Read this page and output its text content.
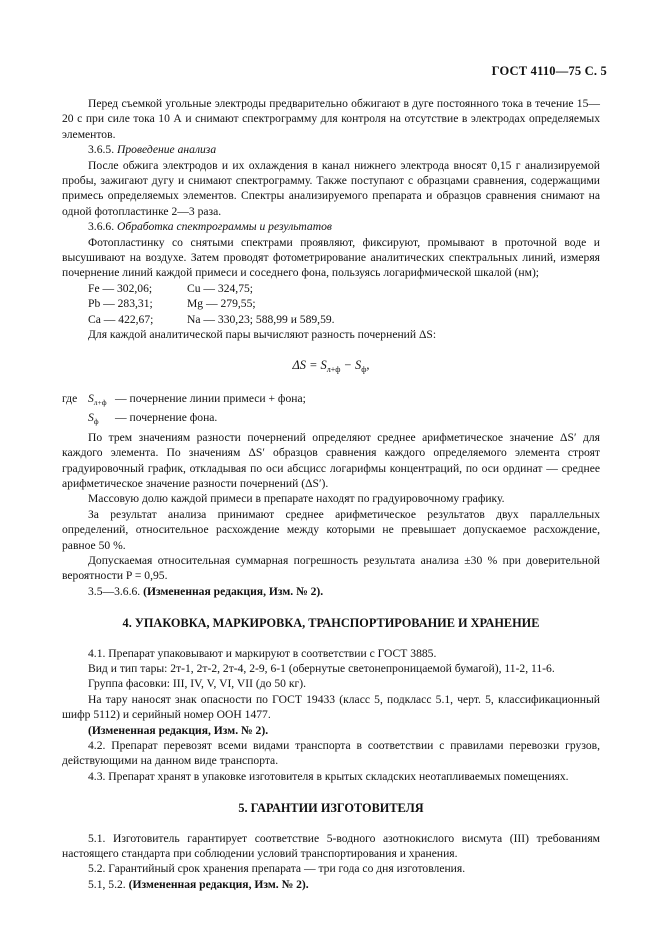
ГОСТ 4110—75 С. 5

Перед съемкой угольные электроды предварительно обжигают в дуге постоянного тока в течение 15—20 с при силе тока 10 А и снимают спектрограмму для контроля на отсутствие в электродах определяемых элементов.

3.6.5. Проведение анализа

После обжига электродов и их охлаждения в канал нижнего электрода вносят 0,15 г анализируемой пробы, зажигают дугу и снимают спектрограмму. Также поступают с образцами сравнения, содержащими примесь определяемых элементов. Спектры анализируемого препарата и образцов сравнения снимают на одной фотопластинке 2—3 раза.

3.6.6. Обработка спектрограммы и результатов

Фотопластинку со снятыми спектрами проявляют, фиксируют, промывают в проточной воде и высушивают на воздухе. Затем проводят фотометрирование аналитических спектральных линий, измеряя почернение линий каждой примеси и соседнего фона, пользуясь логарифмической шкалой (нм);

Fe — 302,06;	Cu — 324,75;
Pb — 283,31;	Mg — 279,55;
Ca — 422,67;	Na — 330,23; 588,99 и 589,59.

Для каждой аналитической пары вычисляют разность почернений ΔS:

$\Delta S = S_{л+ф} - S_ф$,
где $S_{л+ф}$ — почернение линии примеси + фона;
$S_ф$	— почернение фона.

По трем значениям разности почернений определяют среднее арифметическое значение ΔS′ для каждого элемента. По значениям ΔS′ образцов сравнения каждого определяемого элемента строят градуировочный график, откладывая по оси абсцисс логарифмы концентраций, по оси ординат — среднее арифметическое значение разности почернений (ΔS′).

Массовую долю каждой примеси в препарате находят по градуировочному графику.

За результат анализа принимают среднее арифметическое результатов двух параллельных определений, относительное расхождение между которыми не превышает допускаемое расхождение, равное 50 %.

Допускаемая относительная суммарная погрешность результата анализа ±30 % при доверительной вероятности P = 0,95.

3.5—3.6.6. (Измененная редакция, Изм. № 2).

4. УПАКОВКА, МАРКИРОВКА, ТРАНСПОРТИРОВАНИЕ И ХРАНЕНИЕ

4.1. Препарат упаковывают и маркируют в соответствии с ГОСТ 3885.

Вид и тип тары: 2т-1, 2т-2, 2т-4, 2-9, 6-1 (обернутые светонепроницаемой бумагой), 11-2, 11-6.

Группа фасовки: III, IV, V, VI, VII (до 50 кг).

На тару наносят знак опасности по ГОСТ 19433 (класс 5, подкласс 5.1, черт. 5, классификационный шифр 5112) и серийный номер ООН 1477.

(Измененная редакция, Изм. № 2).

4.2. Препарат перевозят всеми видами транспорта в соответствии с правилами перевозки грузов, действующими на данном виде транспорта.

4.3. Препарат хранят в упаковке изготовителя в крытых складских неотапливаемых помещениях.

5. ГАРАНТИИ ИЗГОТОВИТЕЛЯ

5.1. Изготовитель гарантирует соответствие 5-водного азотнокислого висмута (III) требованиям настоящего стандарта при соблюдении условий транспортирования и хранения.

5.2. Гарантийный срок хранения препарата — три года со дня изготовления.

5.1, 5.2. (Измененная редакция, Изм. № 2).
